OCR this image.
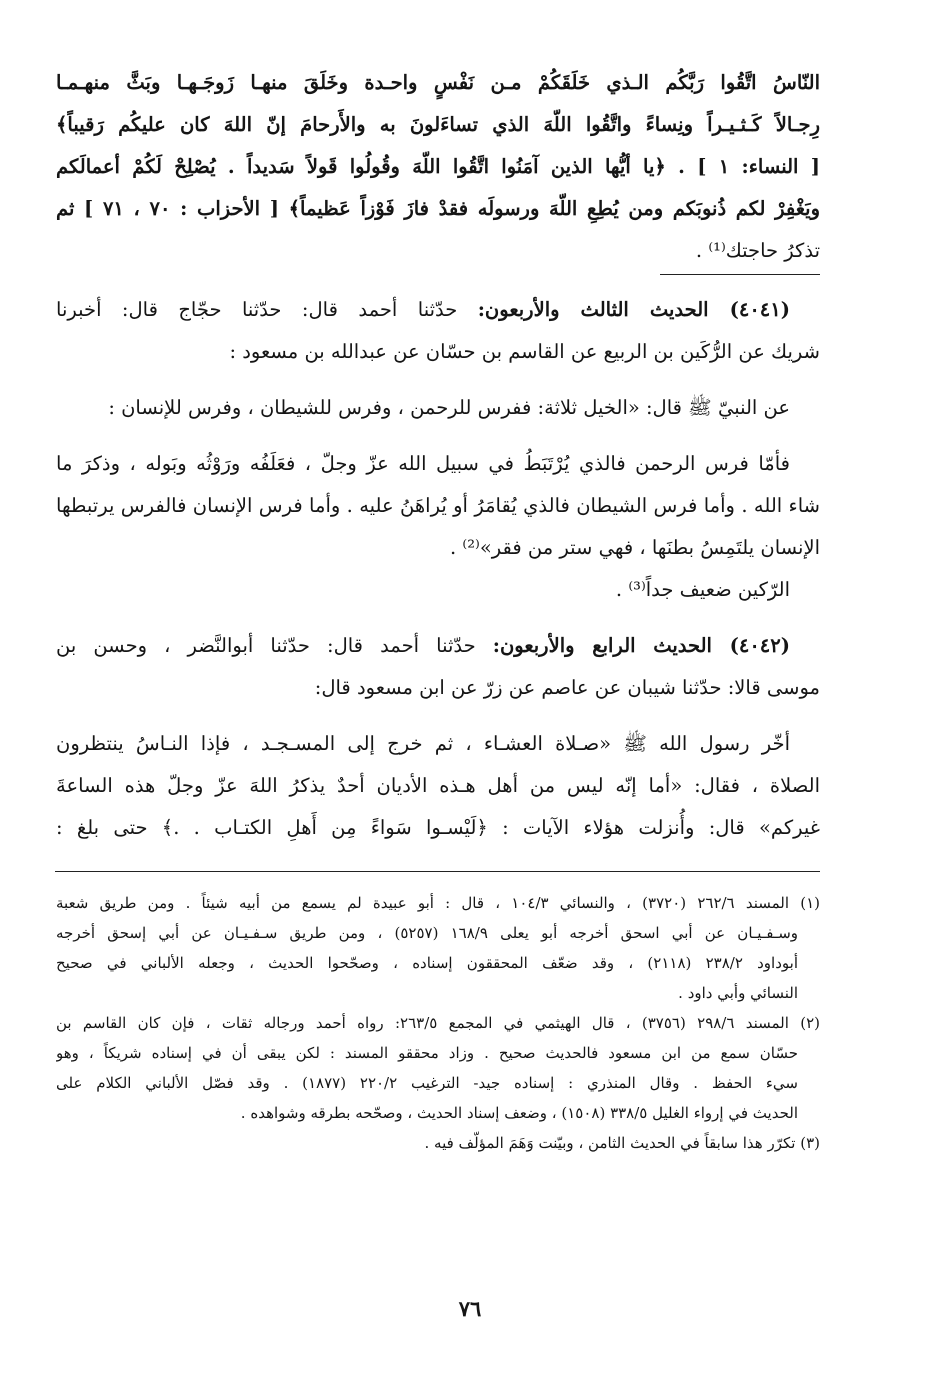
النّاسُ اتَّقُوا رَبَّكُم الـذي خَلَقَكُمْ مـن نَفْسٍ واحـدة وخَلَقَ منهـا زَوجَـهـا وبَثَّ منهـمـا
رِجـالاً كَـثـيـراً ونِساءً واتَّقُوا اللّهَ الذي تساءَلونَ به والأَرحامَ إنّ اللهَ كان عليكُم رَقيباً﴾
[ النساء: ١ ] . ﴿يا أيُّها الذين آمَنُوا اتَّقُوا اللّهَ وقُولُوا قَولاً سَديداً . يُصْلِحْ لَكُمْ أعمالَكم
ويَغْفِرْ لكم ذُنوبَكم ومن يُطِعِ اللّهَ ورسولَه فقدْ فازَ فَوْزاً عَظيماً﴾ [ الأحزاب : ٧٠ ، ٧١ ] ثم
تذكرُ حاجتك⁽¹⁾ .
(٤٠٤١) الحديث الثالث والأربعون: حدّثنا أحمد قال: حدّثنا حجّاج قال: أخبرنا
شريك عن الرُّكَين بن الربيع عن القاسم بن حسّان عن عبدالله بن مسعود :
عن النبيّ ﷺ قال: «الخيل ثلاثة: ففرس للرحمن ، وفرس للشيطان ، وفرس للإنسان :
فأمّا فرس الرحمن فالذي يُرْتَبَطُ في سبيل الله عزّ وجلّ ، فعَلَفُه ورَوْثُه وبَوله ، وذكرَ ما
شاء الله . وأما فرس الشيطان فالذي يُقامَرُ أو يُراهَنُ عليه . وأما فرس الإنسان فالفرس يرتبطها
الإنسان يلتَمِسُ بطنَها ، فهي ستر من فقر»⁽²⁾ .
الرّكين ضعيف جداً⁽³⁾ .
(٤٠٤٢) الحديث الرابع والأربعون: حدّثنا أحمد قال: حدّثنا أبوالنَّضر ، وحسن بن
موسى قالا: حدّثنا شيبان عن عاصم عن زرّ عن ابن مسعود قال:
أخّر رسول الله ﷺ «صـلاة العشـاء ، ثم خرج إلى المسـجـد ، فإذا النـاسُ ينتظرون
الصلاة ، فقال: «أما إنّه ليس من أهل هـذه الأديان أحدٌ يذكرُ اللهَ عزّ وجلّ هذه الساعةَ
غيركم» قال: وأُنزلت هؤلاء الآيات : ﴿لَيْسـوا سَواءً مِن أَهلِ الكتـاب . .﴾ حتى بلغ :
(١) المسند ٢٦٢/٦ (٣٧٢٠) ، والنسائي ١٠٤/٣ ، قال : أبو عبيدة لم يسمع من أبيه شيئاً . ومن طريق شعبة
وسـفـيـان عن أبي اسحق أخرجه أبو يعلى ١٦٨/٩ (٥٢٥٧) ، ومن طريق سـفـيـان عن أبي إسحق أخرجه
أبوداود ٢٣٨/٢ (٢١١٨) ، وقد ضعّف المحققون إسناده ، وصحّحوا الحديث ، وجعله الألباني في صحيح
النسائي وأبي داود .
(٢) المسند ٢٩٨/٦ (٣٧٥٦) ، قال الهيثمي في المجمع ٢٦٣/٥: رواه أحمد ورجاله ثقات ، فإن كان القاسم بن
حسّان سمع من ابن مسعود فالحديث صحيح . وزاد محققو المسند : لكن يبقى أن في إسناده شريكاً ، وهو
سيء الحفظ . وقال المنذري : إسناده جيد- الترغيب ٢٢٠/٢ (١٨٧٧) . وقد فصّل الألباني الكلام على
الحديث في إرواء الغليل ٣٣٨/٥ (١٥٠٨) ، وضعف إسناد الحديث ، وصحّحه بطرقه وشواهده .
(٣) تكرّر هذا سابقاً في الحديث الثامن ، وبيّنت وَهَمَ المؤلّف فيه .
٧٦
